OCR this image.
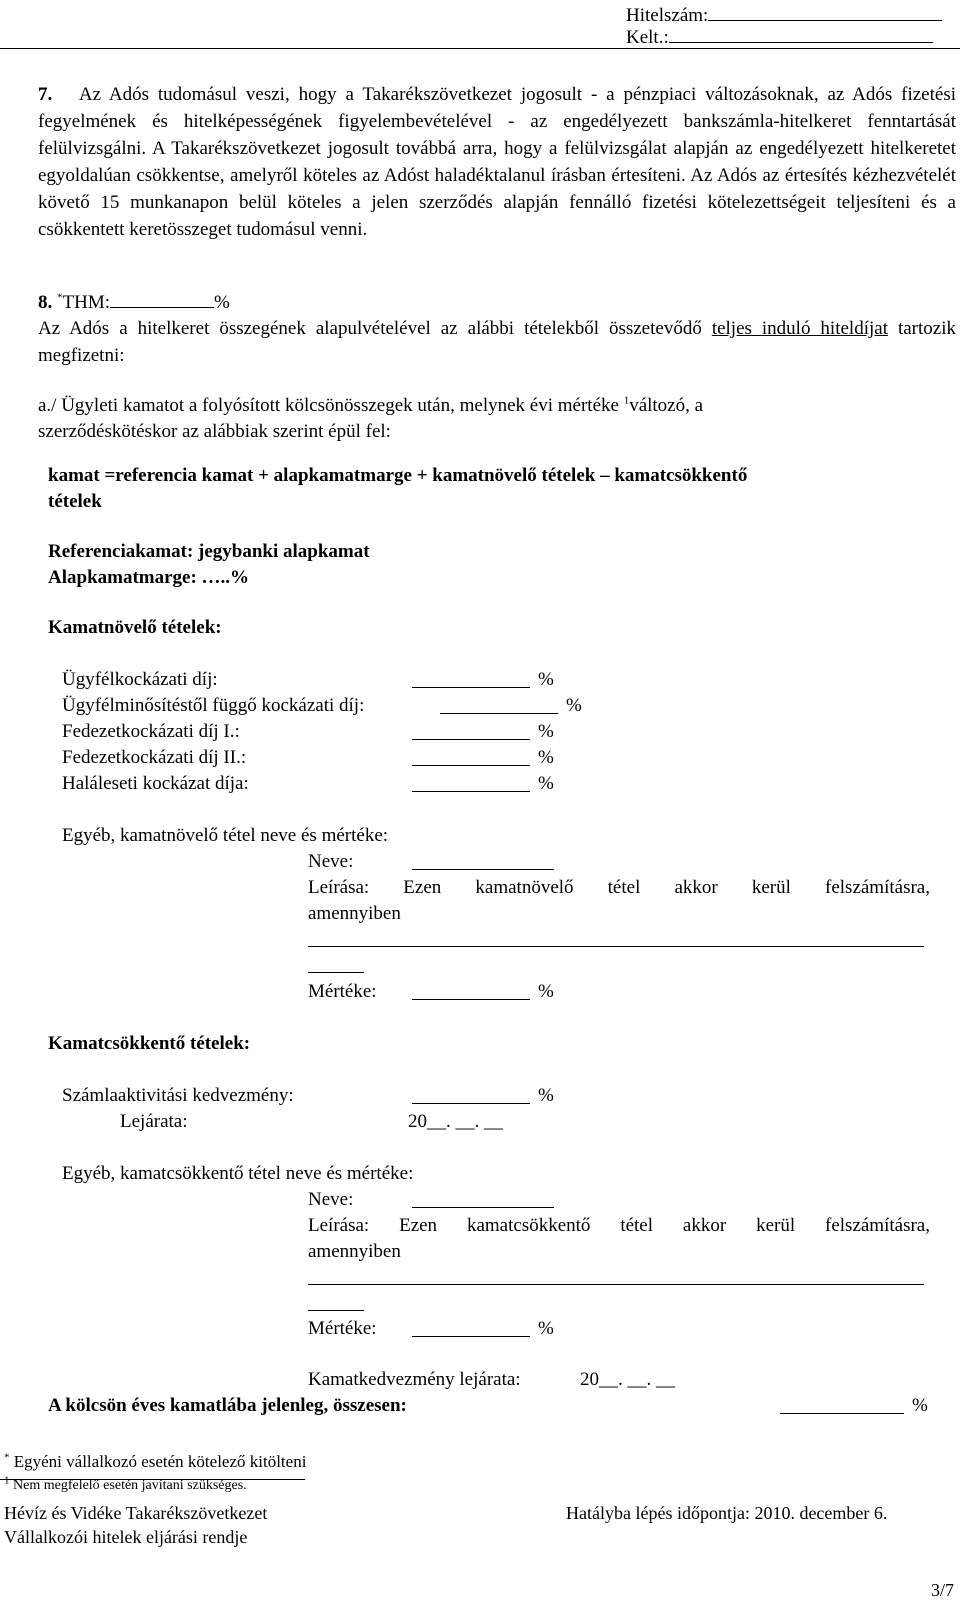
Hitelszám:
Kelt.:
7. Az Adós tudomásul veszi, hogy a Takarékszövetkezet jogosult - a pénzpiaci változásoknak, az Adós fizetési fegyelmének és hitelképességének figyelembevételével - az engedélyezett bankszámla-hitelkeret fenntartását felülvizsgálni. A Takarékszövetkezet jogosult továbbá arra, hogy a felülvizsgálat alapján az engedélyezett hitelkeretet egyoldalúan csökkentse, amelyről köteles az Adóst haladéktalanul írásban értesíteni. Az Adós az értesítés kézhezvételét követő 15 munkanapon belül köteles a jelen szerződés alapján fennálló fizetési kötelezettségeit teljesíteni és a csökkentett keretösszeget tudomásul venni.
8. *THM:	%
Az Adós a hitelkeret összegének alapulvételével az alábbi tételekből összetevődő teljes induló hiteldíjat tartozik megfizetni:
a./ Ügyleti kamatot a folyósított kölcsönösszegek után, melynek évi mértéke $^1$változó, a
szerződéskötéskor az alábbiak szerint épül fel:
kamat =referencia kamat + alapkamatmarge + kamatnövelő tételek – kamatcsökkentő
tételek
Referenciakamat: jegybanki alapkamat
Alapkamatmarge: …..%
Kamatnövelő tételek:
Ügyfélkockázati díj:	%
Ügyfélminősítéstől függő kockázati díj:	%
Fedezetkockázati díj I.:	%
Fedezetkockázati díj II.:	%
Haláleseti kockázat díja:	%
Egyéb, kamatnövelő tétel neve és mértéke:
Neve:
Leírása: Ezen kamatnövelő tétel akkor kerül felszámításra,
amennyiben
Mértéke:	%
Kamatcsökkentő tételek:
Számlaaktivitási kedvezmény:	%
Lejárata:	20__. __. __
Egyéb, kamatcsökkentő tétel neve és mértéke:
Neve:
Leírása: Ezen kamatcsökkentő tétel akkor kerül felszámításra,
amennyiben
Mértéke:	%
Kamatkedvezmény lejárata:	20__. __. __
A kölcsön éves kamatlába jelenleg, összesen:	%
* Egyéni vállalkozó esetén kötelező kitölteni
$^1$ Nem megfelelő esetén javítani szükséges.
Hévíz és Vidéke Takarékszövetkezet
Vállalkozói hitelek eljárási rendje
Hatályba lépés időpontja: 2010. december 6.
3/7
